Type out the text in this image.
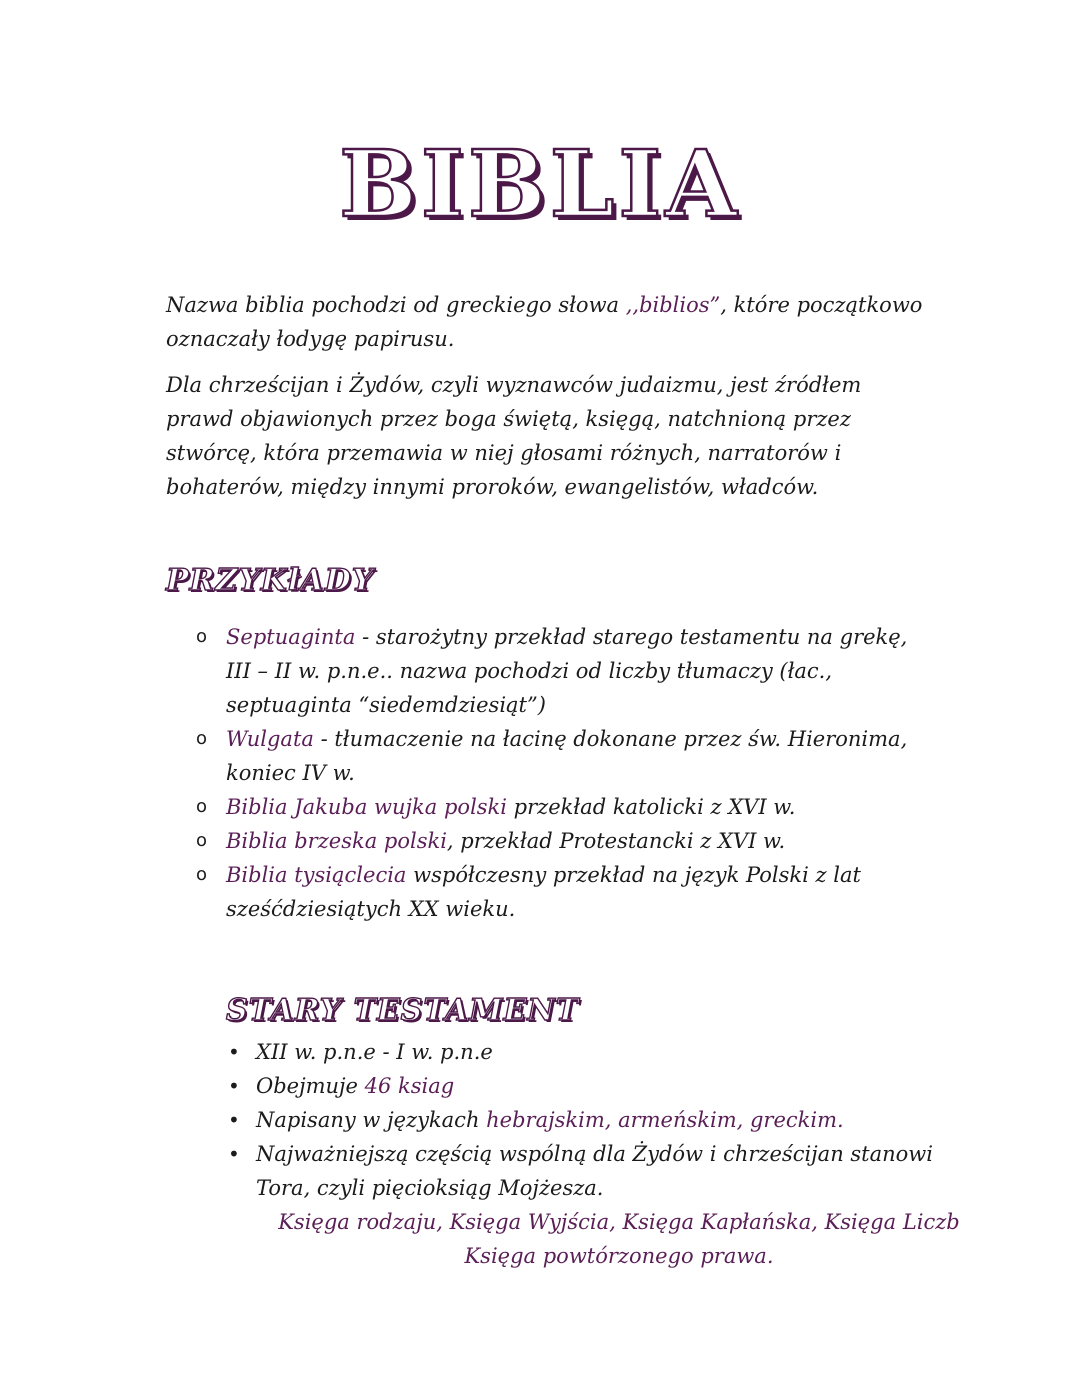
BIBLIA

Nazwa biblia pochodzi od greckiego słowa ,,biblios”, które początkowo oznaczały łodygę papirusu.

Dla chrześcijan i Żydów, czyli wyznawców judaizmu, jest źródłem prawd objawionych przez boga świętą, księgą, natchnioną przez stwórcę, która przemawia w niej głosami różnych, narratorów i bohaterów, między innymi proroków, ewangelistów, władców.

PRZYKłADY
o Septuaginta - starożytny przekład starego testamentu na grekę, III – II w. p.n.e.. nazwa pochodzi od liczby tłumaczy (łac., septuaginta “siedemdziesiąt”)
o Wulgata - tłumaczenie na łacinę dokonane przez św. Hieronima, koniec IV w.
o Biblia Jakuba wujka polski przekład katolicki z XVI w.
o Biblia brzeska polski, przekład Protestancki z XVI w.
o Biblia tysiąclecia współczesny przekład na język Polski z lat sześćdziesiątych XX wieku.
STARY TESTAMENT
• XII w. p.n.e - I w. p.n.e
• Obejmuje 46 ksiag
• Napisany w językach hebrajskim, armeńskim, greckim.
• Najważniejszą częścią wspólną dla Żydów i chrześcijan stanowi Tora, czyli pięcioksiąg Mojżesza.

Księga rodzaju, Księga Wyjścia, Księga Kapłańska, Księga Liczb

Księga powtórzonego prawa.
